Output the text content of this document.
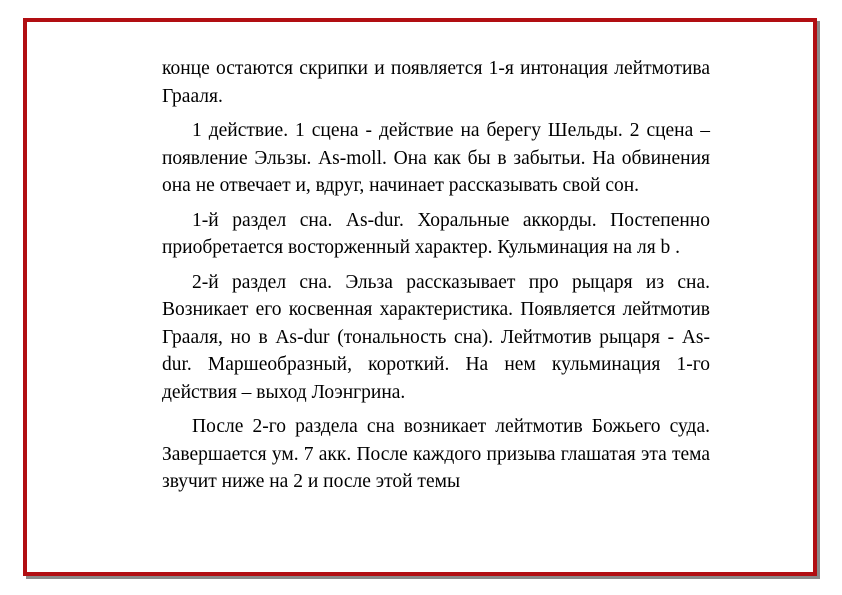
конце остаются скрипки и появляется 1-я интонация лейтмотива Грааля.

1 действие. 1 сцена - действие на берегу Шельды. 2 сцена – появление Эльзы. As-moll. Она как бы в забытьи. На обвинения она не отвечает и, вдруг, начинает рассказывать свой сон.

1-й раздел сна. As-dur. Хоральные аккорды. Постепенно приобретается восторженный характер. Кульминация на ля b .

2-й раздел сна. Эльза рассказывает про рыцаря из сна. Возникает его косвенная характеристика. Появляется лейтмотив Грааля, но в As-dur (тональность сна). Лейтмотив рыцаря - As-dur. Маршеобразный, короткий. На нем кульминация 1-го действия – выход Лоэнгрина.

После 2-го раздела сна возникает лейтмотив Божьего суда. Завершается ум. 7 акк. После каждого призыва глашатая эта тема звучит ниже на 2 и после этой темы
